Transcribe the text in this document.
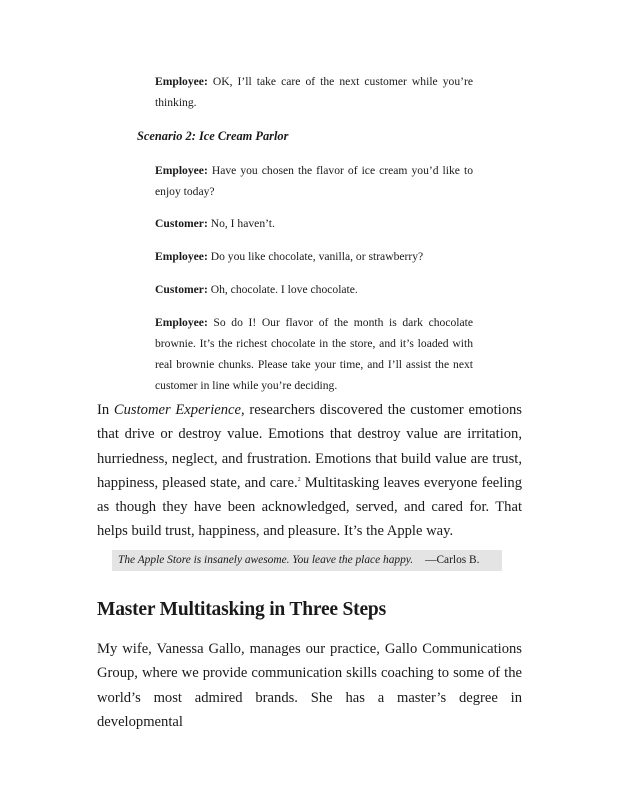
Employee: OK, I’ll take care of the next customer while you’re thinking.

Scenario 2: Ice Cream Parlor

Employee: Have you chosen the flavor of ice cream you’d like to enjoy today?

Customer: No, I haven’t.

Employee: Do you like chocolate, vanilla, or strawberry?

Customer: Oh, chocolate. I love chocolate.

Employee: So do I! Our flavor of the month is dark chocolate brownie. It’s the richest chocolate in the store, and it’s loaded with real brownie chunks. Please take your time, and I’ll assist the next customer in line while you’re deciding.

In Customer Experience, researchers discovered the customer emotions that drive or destroy value. Emotions that destroy value are irritation, hurriedness, neglect, and frustration. Emotions that build value are trust, happiness, pleased state, and care.$^2$ Multitasking leaves everyone feeling as though they have been acknowledged, served, and cared for. That helps build trust, happiness, and pleasure. It’s the Apple way.

The Apple Store is insanely awesome. You leave the place happy. —Carlos B.
Master Multitasking in Three Steps

My wife, Vanessa Gallo, manages our practice, Gallo Communications Group, where we provide communication skills coaching to some of the world’s most admired brands. She has a master’s degree in developmental
